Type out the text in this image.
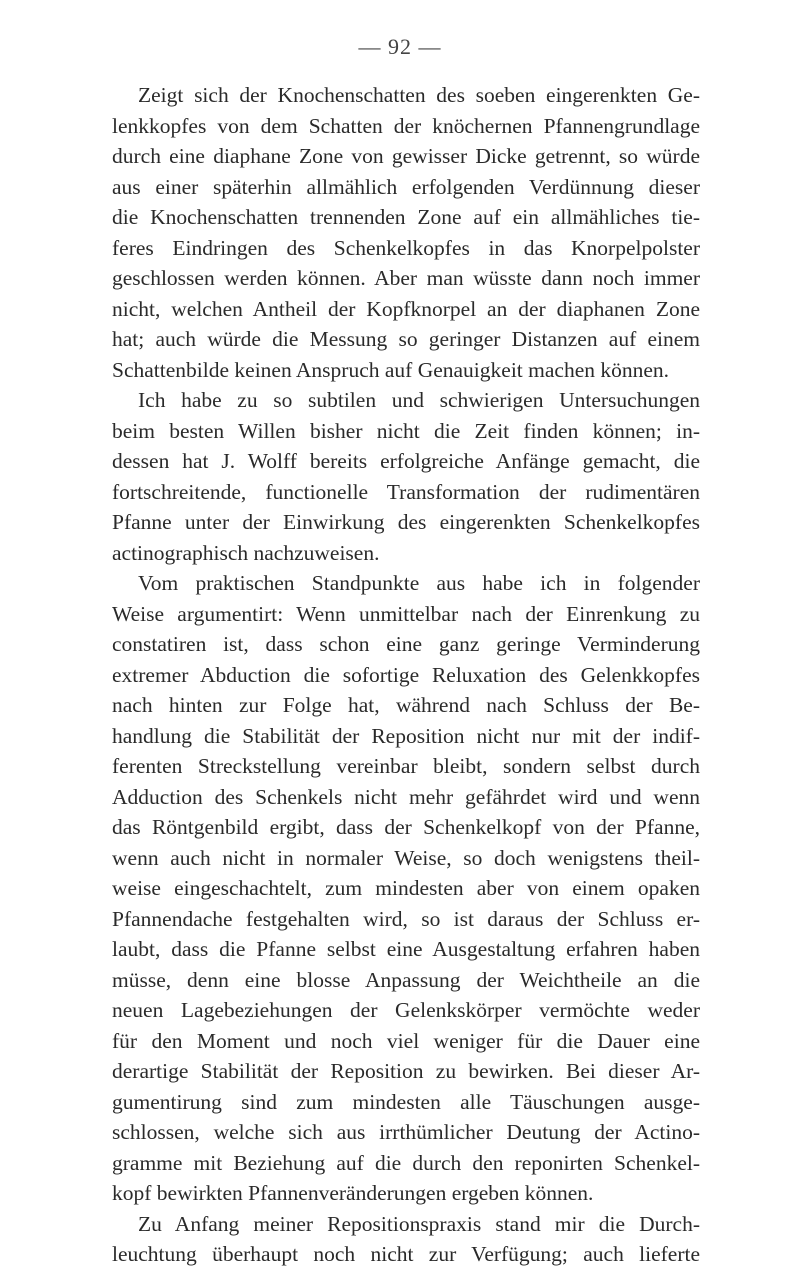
— 92 —
Zeigt sich der Knochenschatten des soeben eingerenkten Ge-
lenkkopfes von dem Schatten der knöchernen Pfannengrundlage
durch eine diaphane Zone von gewisser Dicke getrennt, so würde
aus einer späterhin allmählich erfolgenden Verdünnung dieser
die Knochenschatten trennenden Zone auf ein allmähliches tie-
feres Eindringen des Schenkelkopfes in das Knorpelpolster
geschlossen werden können. Aber man wüsste dann noch immer
nicht, welchen Antheil der Kopfknorpel an der diaphanen Zone
hat; auch würde die Messung so geringer Distanzen auf einem
Schattenbilde keinen Anspruch auf Genauigkeit machen können.
Ich habe zu so subtilen und schwierigen Untersuchungen
beim besten Willen bisher nicht die Zeit finden können; in-
dessen hat J. Wolff bereits erfolgreiche Anfänge gemacht, die
fortschreitende, functionelle Transformation der rudimentären
Pfanne unter der Einwirkung des eingerenkten Schenkelkopfes
actinographisch nachzuweisen.
Vom praktischen Standpunkte aus habe ich in folgender
Weise argumentirt: Wenn unmittelbar nach der Einrenkung zu
constatiren ist, dass schon eine ganz geringe Verminderung
extremer Abduction die sofortige Reluxation des Gelenkkopfes
nach hinten zur Folge hat, während nach Schluss der Be-
handlung die Stabilität der Reposition nicht nur mit der indif-
ferenten Streckstellung vereinbar bleibt, sondern selbst durch
Adduction des Schenkels nicht mehr gefährdet wird und wenn
das Röntgenbild ergibt, dass der Schenkelkopf von der Pfanne,
wenn auch nicht in normaler Weise, so doch wenigstens theil-
weise eingeschachtelt, zum mindesten aber von einem opaken
Pfannendache festgehalten wird, so ist daraus der Schluss er-
laubt, dass die Pfanne selbst eine Ausgestaltung erfahren haben
müsse, denn eine blosse Anpassung der Weichtheile an die
neuen Lagebeziehungen der Gelenkskörper vermöchte weder
für den Moment und noch viel weniger für die Dauer eine
derartige Stabilität der Reposition zu bewirken. Bei dieser Ar-
gumentirung sind zum mindesten alle Täuschungen ausge-
schlossen, welche sich aus irrthümlicher Deutung der Actino-
gramme mit Beziehung auf die durch den reponirten Schenkel-
kopf bewirkten Pfannenveränderungen ergeben können.
Zu Anfang meiner Repositionspraxis stand mir die Durch-
leuchtung überhaupt noch nicht zur Verfügung; auch lieferte
